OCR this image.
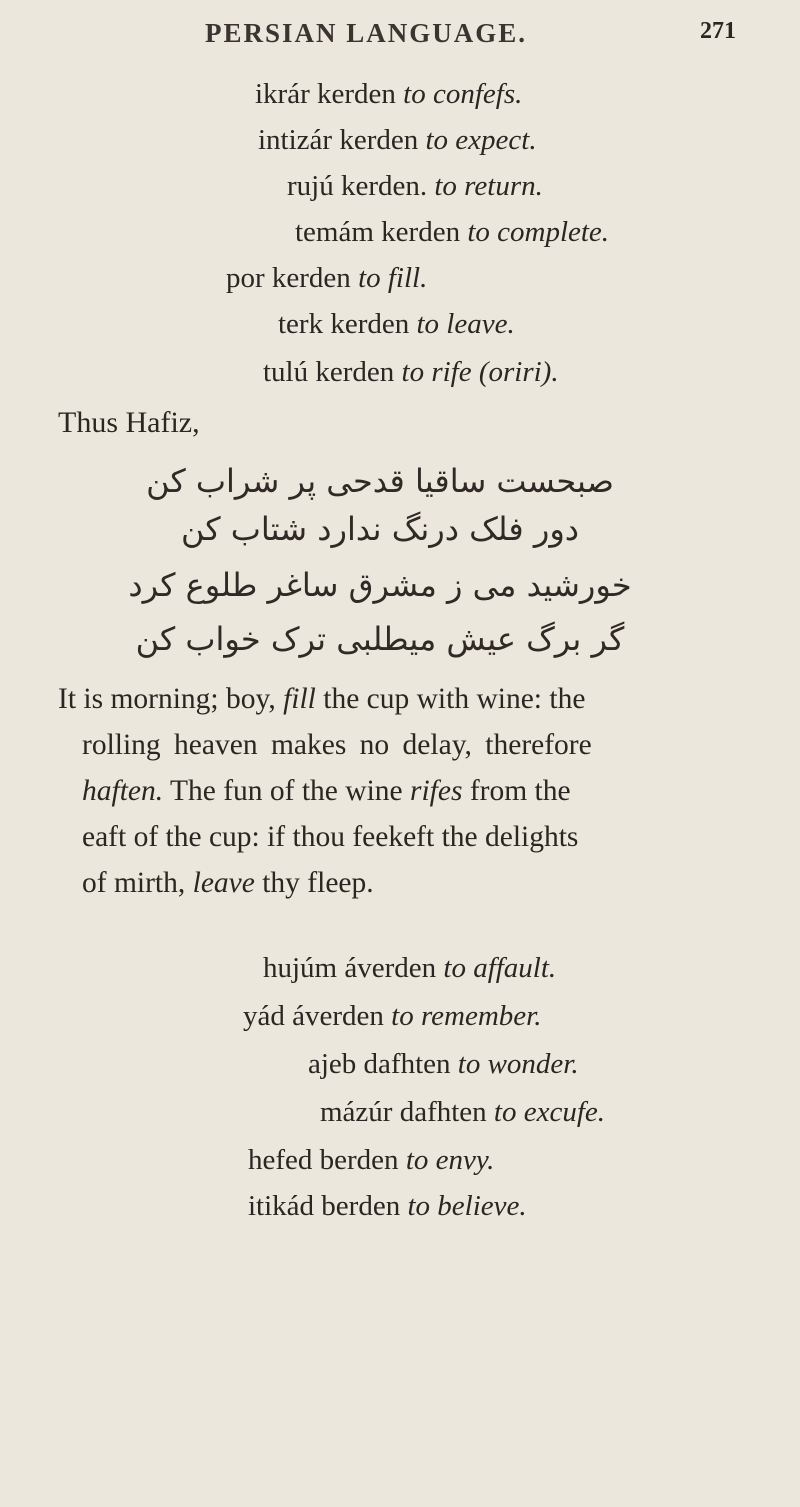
PERSIAN LANGUAGE.	271
ikrár kerden to confefs.
intizár kerden to expect.
rujú kerden. to return.
temám kerden to complete.
por kerden to fill.
terk kerden to leave.
tulú kerden to rife (oriri).
Thus Hafiz,
صبحست ساقیا قدحی پر شراب کن
دور فلک درنگ ندارد شتاب کن
خورشید می ز مشرق ساغر طلوع کرد
گر برگ عیش میطلبی ترک خواب کن
It is morning; boy, fill the cup with wine: the
rolling heaven makes no delay, therefore
haften. The fun of the wine rifes from the
eaft of the cup: if thou feekeft the delights
of mirth, leave thy fleep.
hujúm áverden to affault.
yád áverden to remember.
ajeb dafhten to wonder.
mázúr dafhten to excufe.
hefed berden to envy.
itikád berden to believe.
